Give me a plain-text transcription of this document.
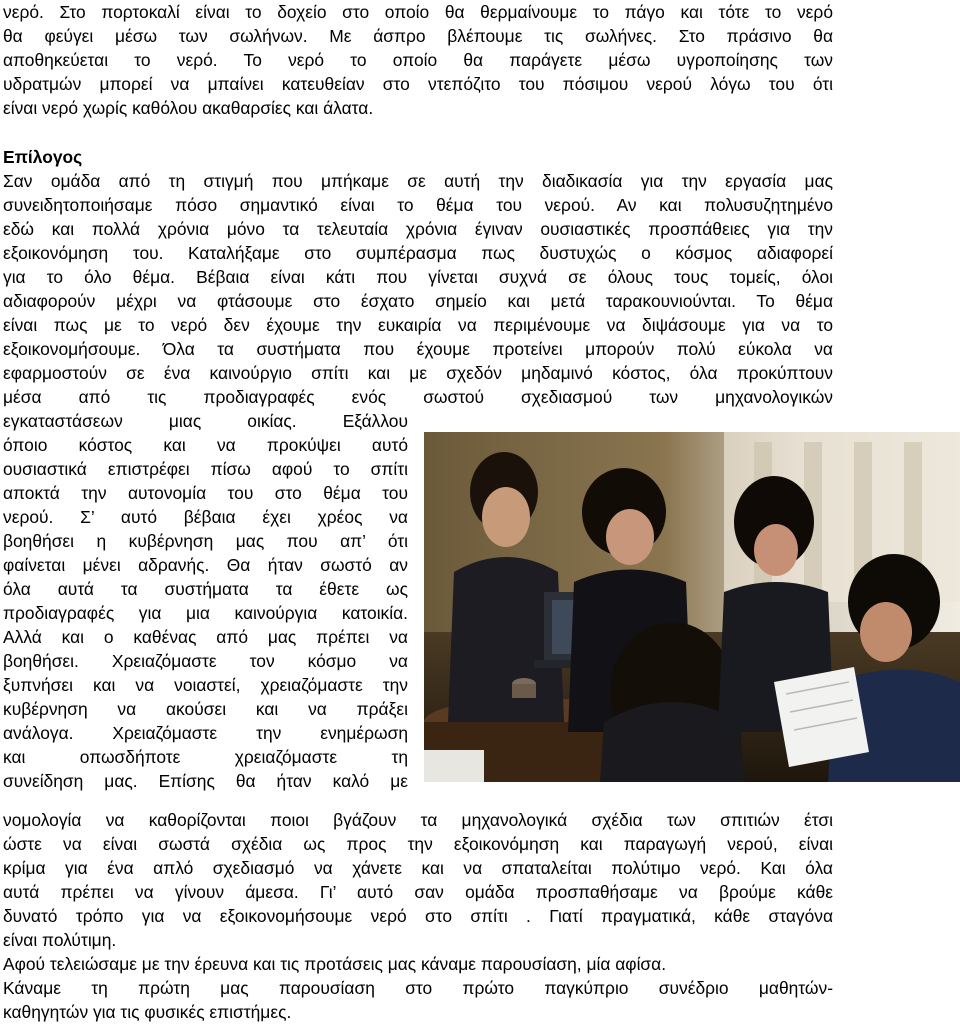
νερό. Στο πορτοκαλί είναι το δοχείο στο οποίο θα θερμαίνουμε το πάγο και τότε το νερό
θα φεύγει μέσω των σωλήνων. Με άσπρο βλέπουμε τις σωλήνες. Στο πράσινο θα
αποθηκεύεται το νερό. Το νερό το οποίο θα παράγετε μέσω υγροποίησης των
υδρατμών μπορεί να μπαίνει κατευθείαν στο ντεπόζιτο του πόσιμου νερού λόγω του ότι
είναι νερό χωρίς καθόλου ακαθαρσίες και άλατα.
Επίλογος
Σαν ομάδα από τη στιγμή που μπήκαμε σε αυτή την διαδικασία για την εργασία μας
συνειδητοποιήσαμε πόσο σημαντικό είναι το θέμα του νερού. Αν και πολυσυζητημένο
εδώ και πολλά χρόνια μόνο τα τελευταία χρόνια έγιναν ουσιαστικές προσπάθειες για την
εξοικονόμηση του. Καταλήξαμε στο συμπέρασμα πως δυστυχώς ο κόσμος αδιαφορεί
για το όλο θέμα. Βέβαια είναι κάτι που γίνεται συχνά σε όλους τους τομείς, όλοι
αδιαφορούν μέχρι να φτάσουμε στο έσχατο σημείο και μετά ταρακουνιούνται. Το θέμα
είναι πως με το νερό δεν έχουμε την ευκαιρία να περιμένουμε να διψάσουμε για να το
εξοικονομήσουμε. Όλα τα συστήματα που έχουμε προτείνει μπορούν πολύ εύκολα να
εφαρμοστούν σε ένα καινούργιο σπίτι και με σχεδόν μηδαμινό κόστος, όλα προκύπτουν
μέσα από τις προδιαγραφές ενός σωστού σχεδιασμού των μηχανολογικών
εγκαταστάσεων μιας οικίας. Εξάλλου
όποιο κόστος και να προκύψει αυτό
ουσιαστικά επιστρέφει πίσω αφού το σπίτι
αποκτά την αυτονομία του στο θέμα του
νερού. Σ’ αυτό βέβαια έχει χρέος να
βοηθήσει η κυβέρνηση μας που απ’ ότι
φαίνεται μένει αδρανής. Θα ήταν σωστό αν
όλα αυτά τα συστήματα τα έθετε ως
προδιαγραφές για μια καινούργια κατοικία.
Αλλά και ο καθένας από μας πρέπει να
βοηθήσει. Χρειαζόμαστε τον κόσμο να
ξυπνήσει και να νοιαστεί, χρειαζόμαστε την
κυβέρνηση να ακούσει και να πράξει
ανάλογα. Χρειαζόμαστε την ενημέρωση
και οπωσδήποτε χρειαζόμαστε τη
συνείδηση μας. Επίσης θα ήταν καλό με
νομολογία να καθορίζονται ποιοι βγάζουν τα μηχανολογικά σχέδια των σπιτιών έτσι
ώστε να είναι σωστά σχέδια ως προς την εξοικονόμηση και παραγωγή νερού, είναι
κρίμα για ένα απλό σχεδιασμό να χάνετε και να σπαταλείται πολύτιμο νερό. Και όλα
αυτά πρέπει να γίνουν άμεσα. Γι’ αυτό σαν ομάδα προσπαθήσαμε να βρούμε κάθε
δυνατό τρόπο για να εξοικονομήσουμε νερό στο σπίτι . Γιατί πραγματικά, κάθε σταγόνα
είναι πολύτιμη.
Αφού τελειώσαμε με την έρευνα και τις προτάσεις μας κάναμε παρουσίαση, μία αφίσα.
Κάναμε τη πρώτη μας παρουσίαση στο πρώτο παγκύπριο συνέδριο μαθητών-
καθηγητών για τις φυσικές επιστήμες.
